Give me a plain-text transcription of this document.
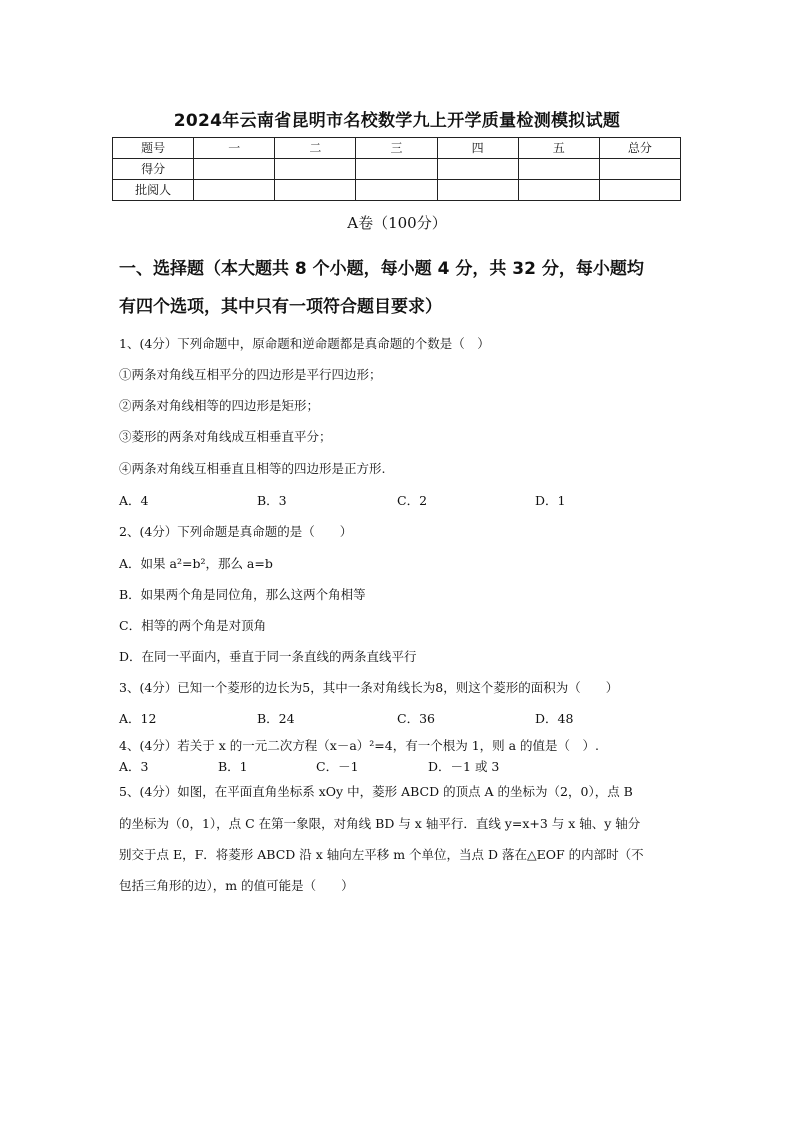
2024年云南省昆明市名校数学九上开学质量检测模拟试题
题号	一	二	三	四	五	总分
得分						
批阅人						
A卷（100分）
一、选择题（本大题共 8 个小题，每小题 4 分，共 32 分，每小题均
有四个选项，其中只有一项符合题目要求）
1、(4分）下列命题中，原命题和逆命题都是真命题的个数是（　）
①两条对角线互相平分的四边形是平行四边形；
②两条对角线相等的四边形是矩形；
③菱形的两条对角线成互相垂直平分；
④两条对角线互相垂直且相等的四边形是正方形.
A．4	B．3	C．2	D．1
2、(4分）下列命题是真命题的是（　　）
A．如果 a²=b²，那么 a=b
B．如果两个角是同位角，那么这两个角相等
C．相等的两个角是对顶角
D．在同一平面内，垂直于同一条直线的两条直线平行
3、(4分）已知一个菱形的边长为5，其中一条对角线长为8，则这个菱形的面积为（　　）
A．12	B．24	C．36	D．48
4、(4分）若关于 x 的一元二次方程（x－a）²=4，有一个根为 1，则 a 的值是（　）.
A．3	B．1	C．－1	D．－1 或 3
5、(4分）如图，在平面直角坐标系 xOy 中，菱形 ABCD 的顶点 A 的坐标为（2，0），点 B
的坐标为（0，1），点 C 在第一象限，对角线 BD 与 x 轴平行．直线 y=x+3 与 x 轴、y 轴分
别交于点 E，F．将菱形 ABCD 沿 x 轴向左平移 m 个单位，当点 D 落在△EOF 的内部时（不
包括三角形的边），m 的值可能是（　　）
